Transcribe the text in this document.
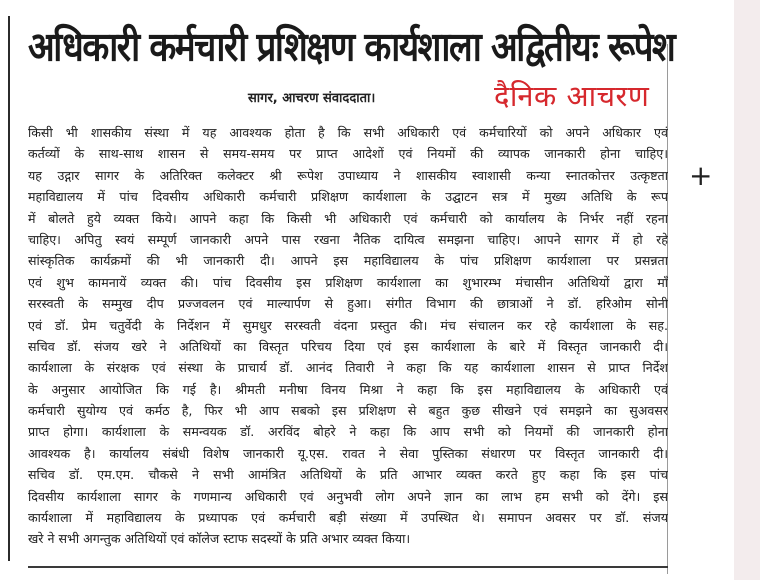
अधिकारी कर्मचारी प्रशिक्षण कार्यशाला अद्वितीयः रूपेश
सागर, आचरण संवाददाता।	दैनिक आचरण
+
किसी भी शासकीय संस्था में यह आवश्यक होता है कि सभी अधिकारी एवं कर्मचारियों को अपने अधिकार एवं
कर्तव्यों के साथ-साथ शासन से समय-समय पर प्राप्त आदेशों एवं नियमों की व्यापक जानकारी होना चाहिए।
यह उद्गार सागर के अतिरिक्त कलेक्टर श्री रूपेश उपाध्याय ने शासकीय स्वाशासी कन्या स्नातकोत्तर उत्कृष्टता
महाविद्यालय में पांच दिवसीय अधिकारी कर्मचारी प्रशिक्षण कार्यशाला के उद्घाटन सत्र में मुख्य अतिथि के रूप
में बोलते हुये व्यक्त किये। आपने कहा कि किसी भी अधिकारी एवं कर्मचारी को कार्यालय के निर्भर नहीं रहना
चाहिए। अपितु स्वयं सम्पूर्ण जानकारी अपने पास रखना नैतिक दायित्व समझना चाहिए। आपने सागर में हो रहे
सांस्कृतिक कार्यक्रमों की भी जानकारी दी। आपने इस महाविद्यालय के पांच प्रशिक्षण कार्यशाला पर प्रसन्नता
एवं शुभ कामनायें व्यक्त की। पांच दिवसीय इस प्रशिक्षण कार्यशाला का शुभारम्भ मंचासीन अतिथियों द्वारा माँ
सरस्वती के सम्मुख दीप प्रज्जवलन एवं माल्यार्पण से हुआ। संगीत विभाग की छात्राओं ने डॉ. हरिओम सोनी
एवं डॉ. प्रेम चतुर्वेदी के निर्देशन में सुमधुर सरस्वती वंदना प्रस्तुत की। मंच संचालन कर रहे कार्यशाला के सह.
सचिव डॉ. संजय खरे ने अतिथियों का विस्तृत परिचय दिया एवं इस कार्यशाला के बारे में विस्तृत जानकारी दी।
कार्यशाला के संरक्षक एवं संस्था के प्राचार्य डॉ. आनंद तिवारी ने कहा कि यह कार्यशाला शासन से प्राप्त निर्देश
के अनुसार आयोजित कि गई है। श्रीमती मनीषा विनय मिश्रा ने कहा कि इस महाविद्यालय के अधिकारी एवं
कर्मचारी सुयोग्य एवं कर्मठ है, फिर भी आप सबको इस प्रशिक्षण से बहुत कुछ सीखने एवं समझने का सुअवसर
प्राप्त होगा। कार्यशाला के समन्वयक डॉ. अरविंद बोहरे ने कहा कि आप सभी को नियमों की जानकारी होना
आवश्यक है। कार्यालय संबंधी विशेष जानकारी यू.एस. रावत ने सेवा पुस्तिका संधारण पर विस्तृत जानकारी दी।
सचिव डॉ. एम.एम. चौकसे ने सभी आमंत्रित अतिथियों के प्रति आभार व्यक्त करते हुए कहा कि इस पांच
दिवसीय कार्यशाला सागर के गणमान्य अधिकारी एवं अनुभवी लोग अपने ज्ञान का लाभ हम सभी को देंगे। इस
कार्यशाला में महाविद्यालय के प्रध्यापक एवं कर्मचारी बड़ी संख्या में उपस्थित थे। समापन अवसर पर डॉ. संजय
खरे ने सभी अगन्तुक अतिथियों एवं कॉलेज स्टाफ सदस्यों के प्रति अभार व्यक्त किया।
